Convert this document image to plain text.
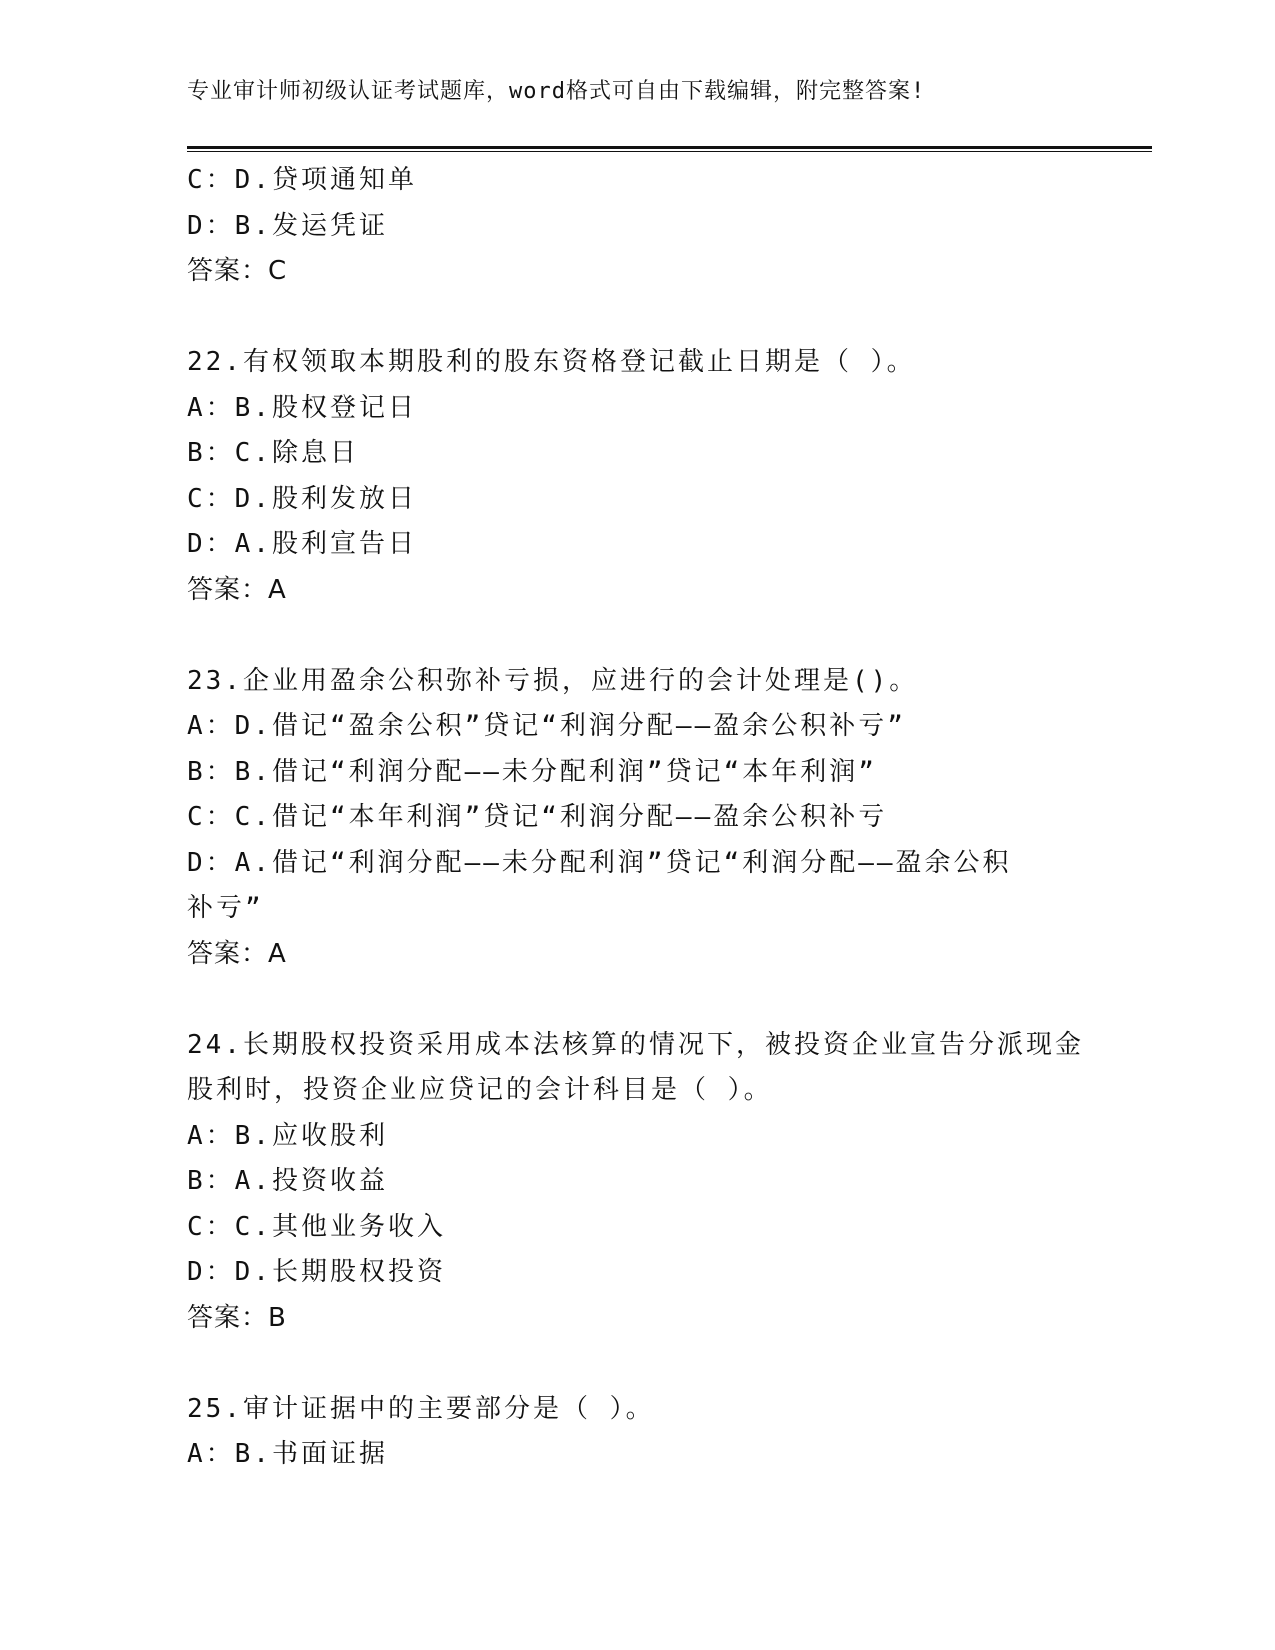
专业审计师初级认证考试题库，word格式可自由下载编辑，附完整答案!
C：D.贷项通知单
D：B.发运凭证
答案：C
22.有权领取本期股利的股东资格登记截止日期是（ ）。
A：B.股权登记日
B：C.除息日
C：D.股利发放日
D：A.股利宣告日
答案：A
23.企业用盈余公积弥补亏损，应进行的会计处理是()。
A：D.借记“盈余公积”贷记“利润分配——盈余公积补亏”
B：B.借记“利润分配——未分配利润”贷记“本年利润”
C：C.借记“本年利润”贷记“利润分配——盈余公积补亏
D：A.借记“利润分配——未分配利润”贷记“利润分配——盈余公积
补亏”
答案：A
24.长期股权投资采用成本法核算的情况下，被投资企业宣告分派现金
股利时，投资企业应贷记的会计科目是（ ）。
A：B.应收股利
B：A.投资收益
C：C.其他业务收入
D：D.长期股权投资
答案：B
25.审计证据中的主要部分是（ ）。
A：B.书面证据
